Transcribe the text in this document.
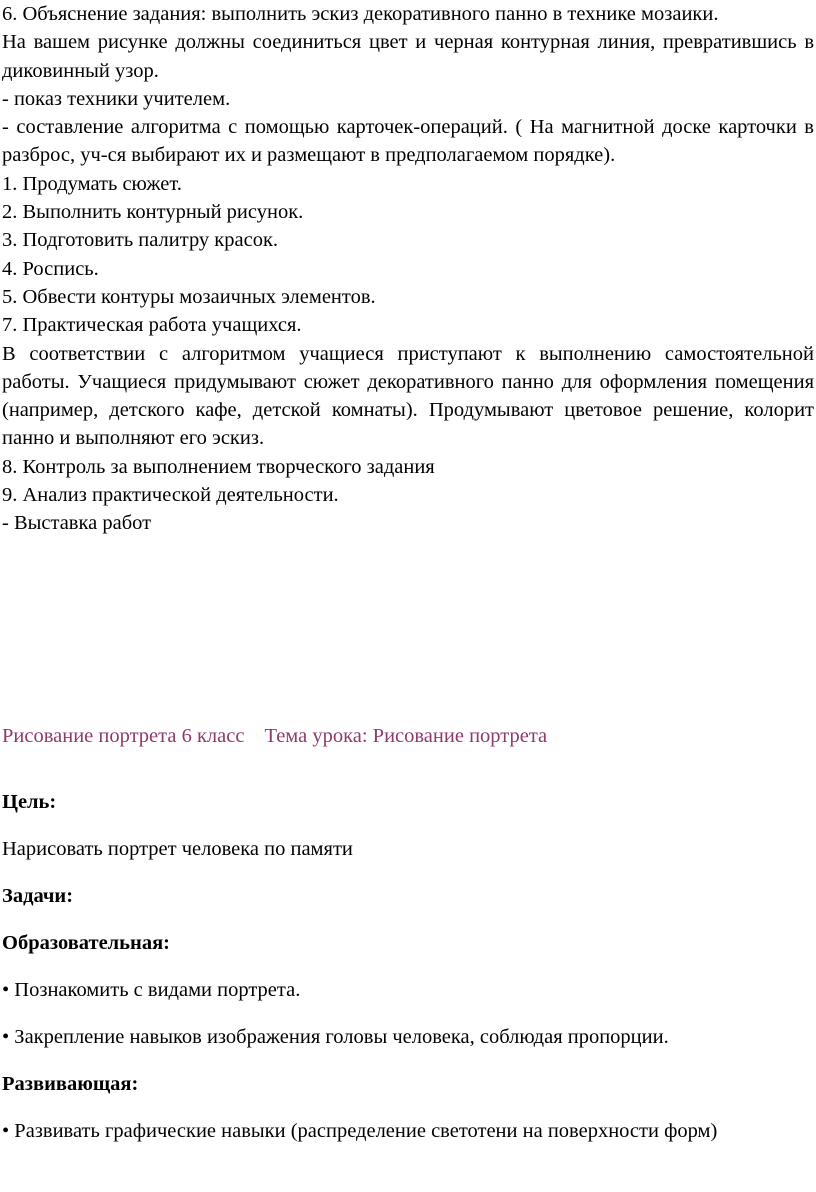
6. Объяснение задания: выполнить эскиз декоративного панно в технике мозаики.

На вашем рисунке должны соединиться цвет и черная контурная линия, превратившись в диковинный узор.

- показ техники учителем.

- составление алгоритма с помощью карточек-операций. ( На магнитной доске карточки в разброс, уч-ся выбирают их и размещают в предполагаемом порядке).

1. Продумать сюжет.

2. Выполнить контурный рисунок.

3. Подготовить палитру красок.

4. Роспись.

5. Обвести контуры мозаичных элементов.

7. Практическая работа учащихся.

В соответствии с алгоритмом учащиеся приступают к выполнению самостоятельной работы. Учащиеся придумывают сюжет декоративного панно для оформления помещения (например, детского кафе, детской комнаты). Продумывают цветовое решение, колорит панно и выполняют его эскиз.

8. Контроль за выполнением творческого задания

9. Анализ практической деятельности.

- Выставка работ

Рисование портрета 6 класс Тема урока: Рисование портрета

Цель:

Нарисовать портрет человека по памяти

Задачи:

Образовательная:

• Познакомить с видами портрета.

• Закрепление навыков изображения головы человека, соблюдая пропорции.

Развивающая:

• Развивать графические навыки (распределение светотени на поверхности форм)
